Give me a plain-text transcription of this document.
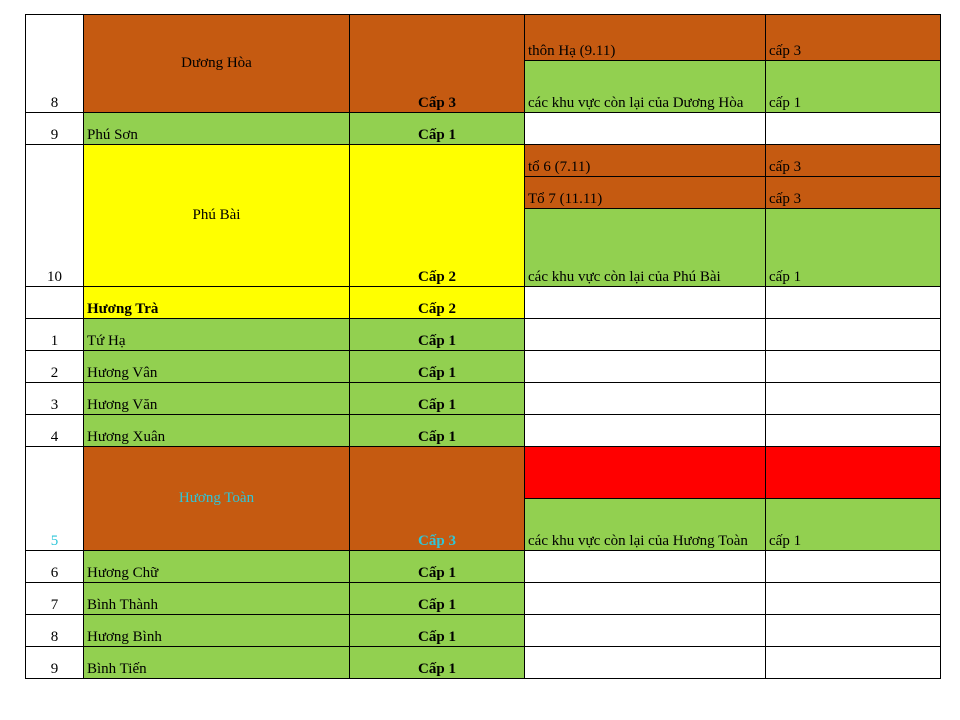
8	Dương Hòa	Cấp 3	thôn Hạ (9.11)	cấp 3
			các khu vực còn lại của Dương Hòa	cấp 1
9	Phú Sơn	Cấp 1		
10	Phú Bài	Cấp 2	tổ 6 (7.11)	cấp 3
			Tổ 7 (11.11)	cấp 3
			các khu vực còn lại của Phú Bài	cấp 1
	Hương Trà	Cấp 2		
1	Tứ Hạ	Cấp 1		
2	Hương Vân	Cấp 1		
3	Hương Văn	Cấp 1		
4	Hương Xuân	Cấp 1		
5	Hương Toàn	Cấp 3	vân Cù - Nam Thanh (13.11)	cấp 4
			các khu vực còn lại của Hương Toàn	cấp 1
6	Hương Chữ	Cấp 1		
7	Bình Thành	Cấp 1		
8	Hương Bình	Cấp 1		
9	Bình Tiến	Cấp 1		
